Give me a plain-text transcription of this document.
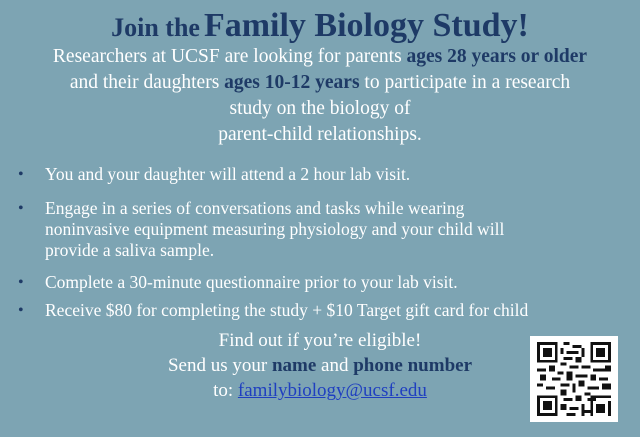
Join the Family Biology Study!
Researchers at UCSF are looking for parents ages 28 years or older
and their daughters ages 10-12 years to participate in a research
study on the biology of
parent-child relationships.
• You and your daughter will attend a 2 hour lab visit.
• Engage in a series of conversations and tasks while wearing
noninvasive equipment measuring physiology and your child will
provide a saliva sample.
• Complete a 30-minute questionnaire prior to your lab visit.
• Receive $80 for completing the study + $10 Target gift card for child
Find out if you’re eligible!
Send us your name and phone number
to: familybiology@ucsf.edu
